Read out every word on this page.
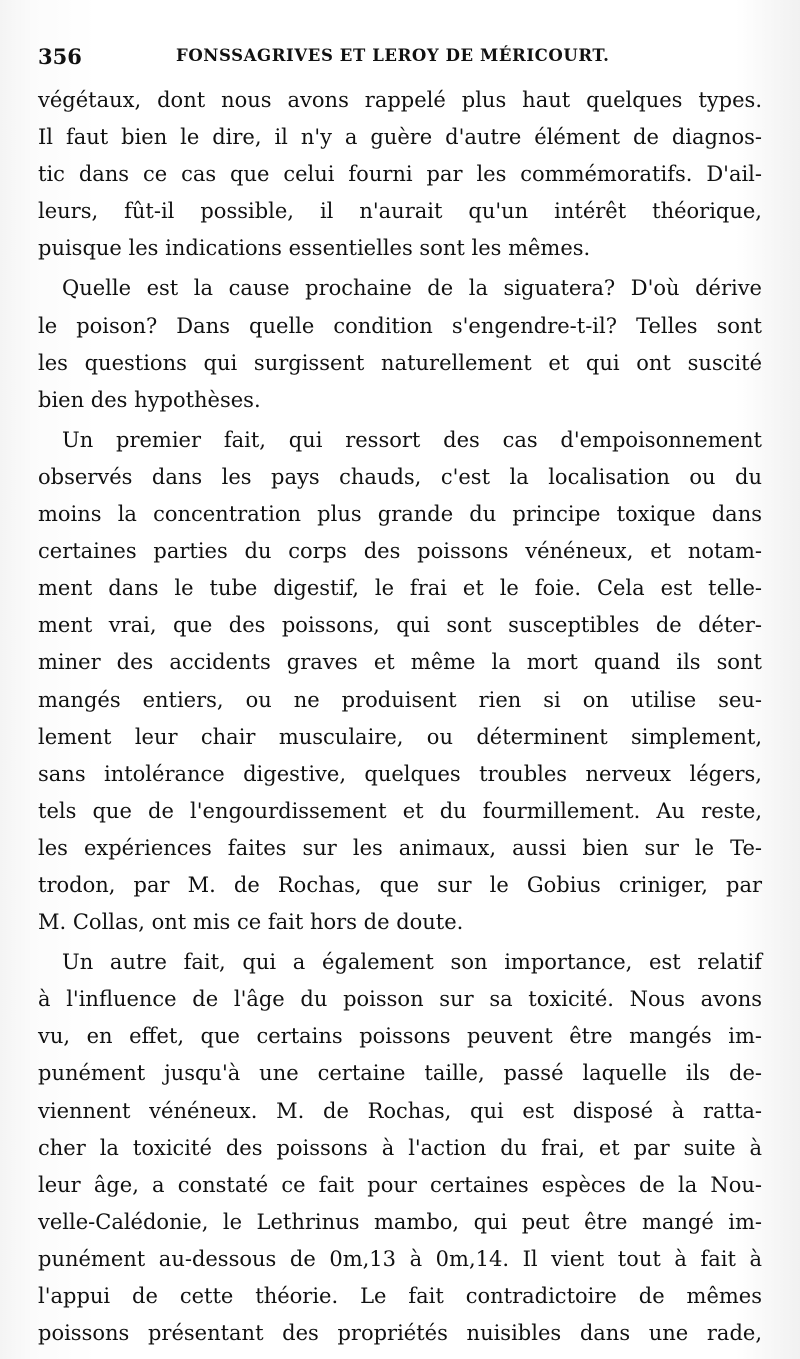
356	FONSSAGRIVES ET LEROY DE MÉRICOURT.
végétaux, dont nous avons rappelé plus haut quelques types.
Il faut bien le dire, il n'y a guère d'autre élément de diagnos-
tic dans ce cas que celui fourni par les commémoratifs. D'ail-
leurs, fût-il possible, il n'aurait qu'un intérêt théorique,
puisque les indications essentielles sont les mêmes.
Quelle est la cause prochaine de la siguatera? D'où dérive
le poison? Dans quelle condition s'engendre-t-il? Telles sont
les questions qui surgissent naturellement et qui ont suscité
bien des hypothèses.
Un premier fait, qui ressort des cas d'empoisonnement
observés dans les pays chauds, c'est la localisation ou du
moins la concentration plus grande du principe toxique dans
certaines parties du corps des poissons vénéneux, et notam-
ment dans le tube digestif, le frai et le foie. Cela est telle-
ment vrai, que des poissons, qui sont susceptibles de déter-
miner des accidents graves et même la mort quand ils sont
mangés entiers, ou ne produisent rien si on utilise seu-
lement leur chair musculaire, ou déterminent simplement,
sans intolérance digestive, quelques troubles nerveux légers,
tels que de l'engourdissement et du fourmillement. Au reste,
les expériences faites sur les animaux, aussi bien sur le Te-
trodon, par M. de Rochas, que sur le Gobius criniger, par
M. Collas, ont mis ce fait hors de doute.
Un autre fait, qui a également son importance, est relatif
à l'influence de l'âge du poisson sur sa toxicité. Nous avons
vu, en effet, que certains poissons peuvent être mangés im-
punément jusqu'à une certaine taille, passé laquelle ils de-
viennent vénéneux. M. de Rochas, qui est disposé à ratta-
cher la toxicité des poissons à l'action du frai, et par suite à
leur âge, a constaté ce fait pour certaines espèces de la Nou-
velle-Calédonie, le Lethrinus mambo, qui peut être mangé im-
punément au-dessous de 0m,13 à 0m,14. Il vient tout à fait à
l'appui de cette théorie. Le fait contradictoire de mêmes
poissons présentant des propriétés nuisibles dans une rade,
